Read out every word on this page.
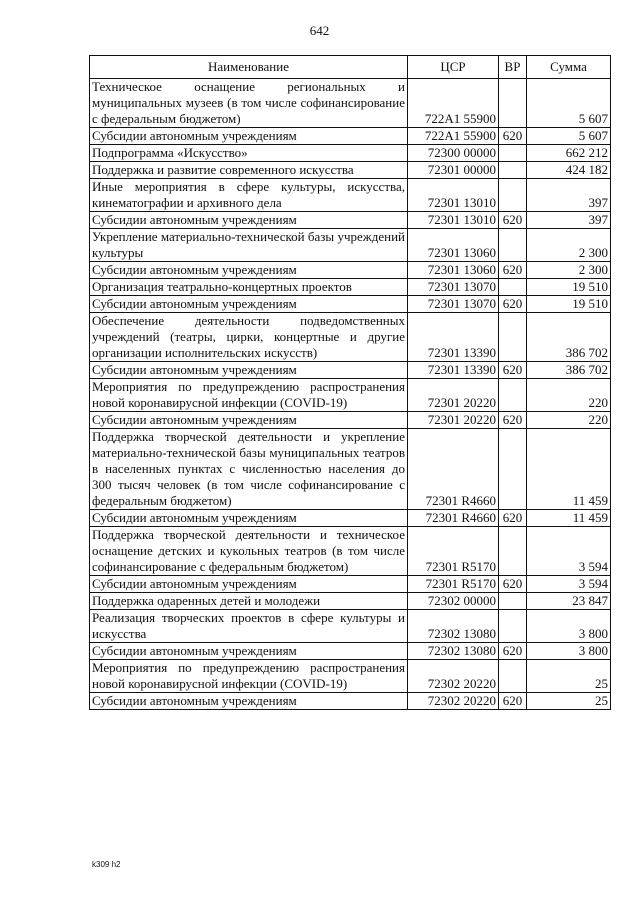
642
Наименование	ЦСР	ВР	Сумма
Техническое оснащение региональных и муниципальных музеев (в том числе софинансирование с федеральным бюджетом)	722А1 55900		5 607
Субсидии автономным учреждениям	722А1 55900	620	5 607
Подпрограмма «Искусство»	72300 00000		662 212
Поддержка и развитие современного искусства	72301 00000		424 182
Иные мероприятия в сфере культуры, искусства, кинематографии и архивного дела	72301 13010		397
Субсидии автономным учреждениям	72301 13010	620	397
Укрепление материально-технической базы учреждений культуры	72301 13060		2 300
Субсидии автономным учреждениям	72301 13060	620	2 300
Организация театрально-концертных проектов	72301 13070		19 510
Субсидии автономным учреждениям	72301 13070	620	19 510
Обеспечение деятельности подведомственных учреждений (театры, цирки, концертные и другие организации исполнительских искусств)	72301 13390		386 702
Субсидии автономным учреждениям	72301 13390	620	386 702
Мероприятия по предупреждению распространения новой коронавирусной инфекции (COVID-19)	72301 20220		220
Субсидии автономным учреждениям	72301 20220	620	220
Поддержка творческой деятельности и укрепление материально-технической базы муниципальных театров в населенных пунктах с численностью населения до 300 тысяч человек (в том числе софинансирование с федеральным бюджетом)	72301 R4660		11 459
Субсидии автономным учреждениям	72301 R4660	620	11 459
Поддержка творческой деятельности и техническое оснащение детских и кукольных театров (в том числе софинансирование с федеральным бюджетом)	72301 R5170		3 594
Субсидии автономным учреждениям	72301 R5170	620	3 594
Поддержка одаренных детей и молодежи	72302 00000		23 847
Реализация творческих проектов в сфере культуры и искусства	72302 13080		3 800
Субсидии автономным учреждениям	72302 13080	620	3 800
Мероприятия по предупреждению распространения новой коронавирусной инфекции (COVID-19)	72302 20220		25
Субсидии автономным учреждениям	72302 20220	620	25
k309 h2
